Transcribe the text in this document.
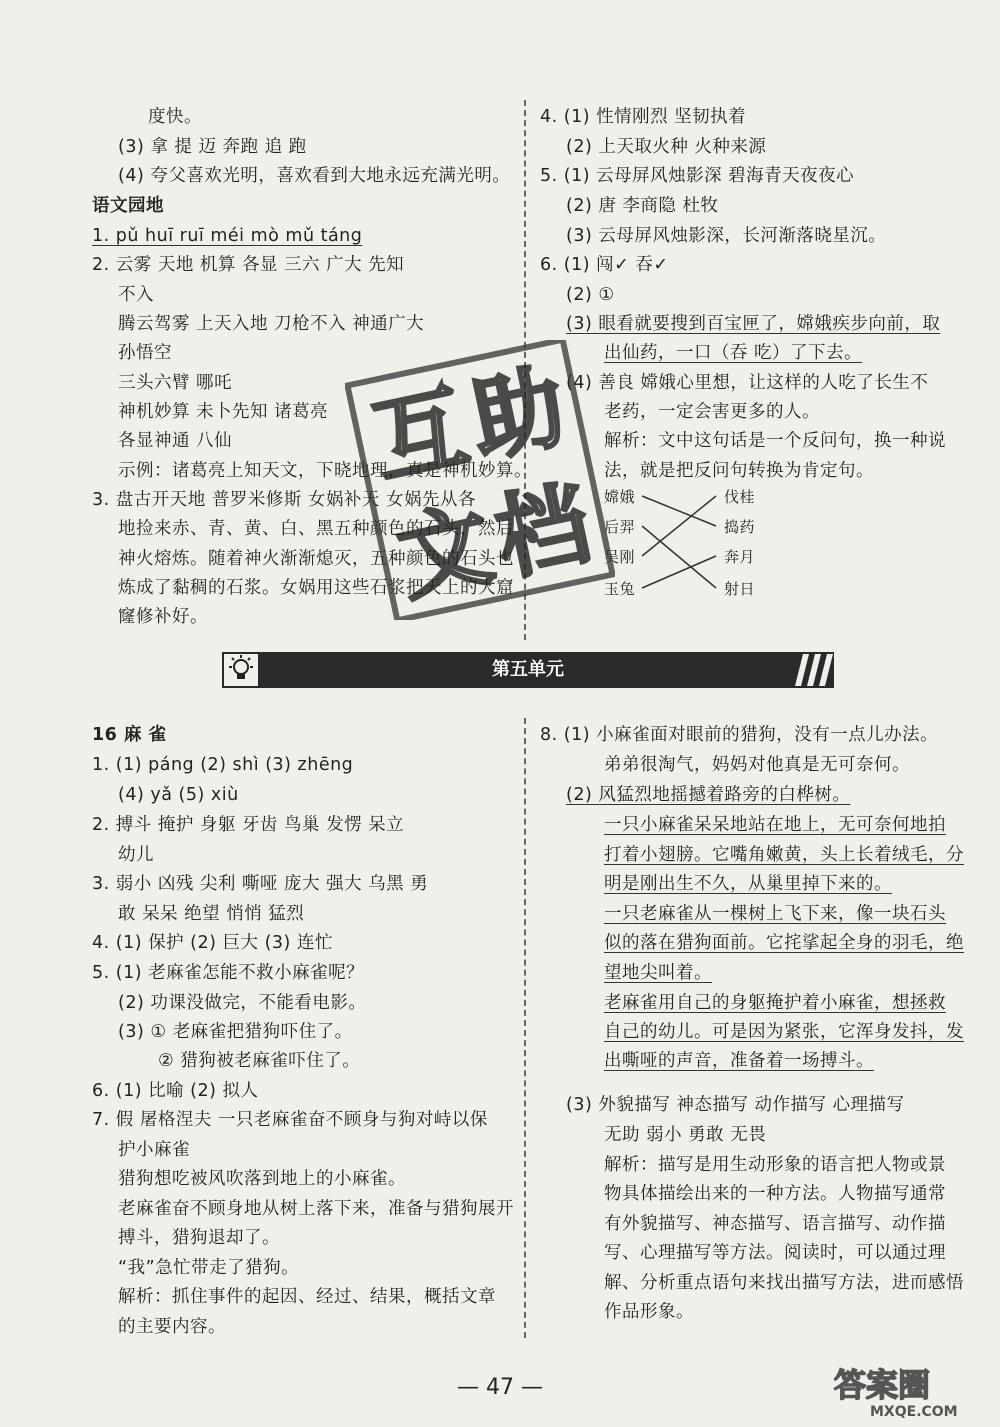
度快。
(3) 拿 提 迈 奔跑 追 跑
(4) 夸父喜欢光明，喜欢看到大地永远充满光明。
语文园地
1. pǔ huī ruī méi mò mǔ táng
2. 云雾 天地 机算 各显 三六 广大 先知
不入
腾云驾雾 上天入地 刀枪不入 神通广大
孙悟空
三头六臂 哪吒
神机妙算 未卜先知 诸葛亮
各显神通 八仙
示例：诸葛亮上知天文，下晓地理，真是神机妙算。
3. 盘古开天地 普罗米修斯 女娲补天 女娲先从各
地捡来赤、青、黄、白、黑五种颜色的石头，然后
神火熔炼。随着神火渐渐熄灭，五种颜色的石头也
炼成了黏稠的石浆。女娲用这些石浆把天上的大窟
窿修补好。
4. (1) 性情刚烈 坚韧执着
(2) 上天取火种 火种来源
5. (1) 云母屏风烛影深 碧海青天夜夜心
(2) 唐 李商隐 杜牧
(3) 云母屏风烛影深，长河渐落晓星沉。
6. (1) 闯✓ 吞✓
(2) ①
(3) 眼看就要搜到百宝匣了，嫦娥疾步向前，取
出仙药，一口（吞 吃）了下去。
(4) 善良 嫦娥心里想，让这样的人吃了长生不
老药，一定会害更多的人。
解析：文中这句话是一个反问句，换一种说
法，就是把反问句转换为肯定句。
嫦娥
后羿
吴刚
玉兔
伐桂
捣药
奔月
射日
互
助
文
档
第五单元
16 麻 雀
1. (1) páng (2) shì (3) zhēng
(4) yǎ (5) xiù
2. 搏斗 掩护 身躯 牙齿 鸟巢 发愣 呆立
幼儿
3. 弱小 凶残 尖利 嘶哑 庞大 强大 乌黑 勇
敢 呆呆 绝望 悄悄 猛烈
4. (1) 保护 (2) 巨大 (3) 连忙
5. (1) 老麻雀怎能不救小麻雀呢？
(2) 功课没做完，不能看电影。
(3) ① 老麻雀把猎狗吓住了。
② 猎狗被老麻雀吓住了。
6. (1) 比喻 (2) 拟人
7. 假 屠格涅夫 一只老麻雀奋不顾身与狗对峙以保
护小麻雀
猎狗想吃被风吹落到地上的小麻雀。
老麻雀奋不顾身地从树上落下来，准备与猎狗展开
搏斗，猎狗退却了。
“我”急忙带走了猎狗。
解析：抓住事件的起因、经过、结果，概括文章
的主要内容。
8. (1) 小麻雀面对眼前的猎狗，没有一点儿办法。
弟弟很淘气，妈妈对他真是无可奈何。
(2) 风猛烈地摇撼着路旁的白桦树。
一只小麻雀呆呆地站在地上，无可奈何地拍
打着小翅膀。它嘴角嫩黄，头上长着绒毛，分
明是刚出生不久，从巢里掉下来的。
一只老麻雀从一棵树上飞下来，像一块石头
似的落在猎狗面前。它挓挲起全身的羽毛，绝
望地尖叫着。
老麻雀用自己的身躯掩护着小麻雀，想拯救
自己的幼儿。可是因为紧张，它浑身发抖，发
出嘶哑的声音，准备着一场搏斗。
(3) 外貌描写 神态描写 动作描写 心理描写
无助 弱小 勇敢 无畏
解析：描写是用生动形象的语言把人物或景
物具体描绘出来的一种方法。人物描写通常
有外貌描写、神态描写、语言描写、动作描
写、心理描写等方法。阅读时，可以通过理
解、分析重点语句来找出描写方法，进而感悟
作品形象。
— 47 —	答案圈
MXQE.COM
